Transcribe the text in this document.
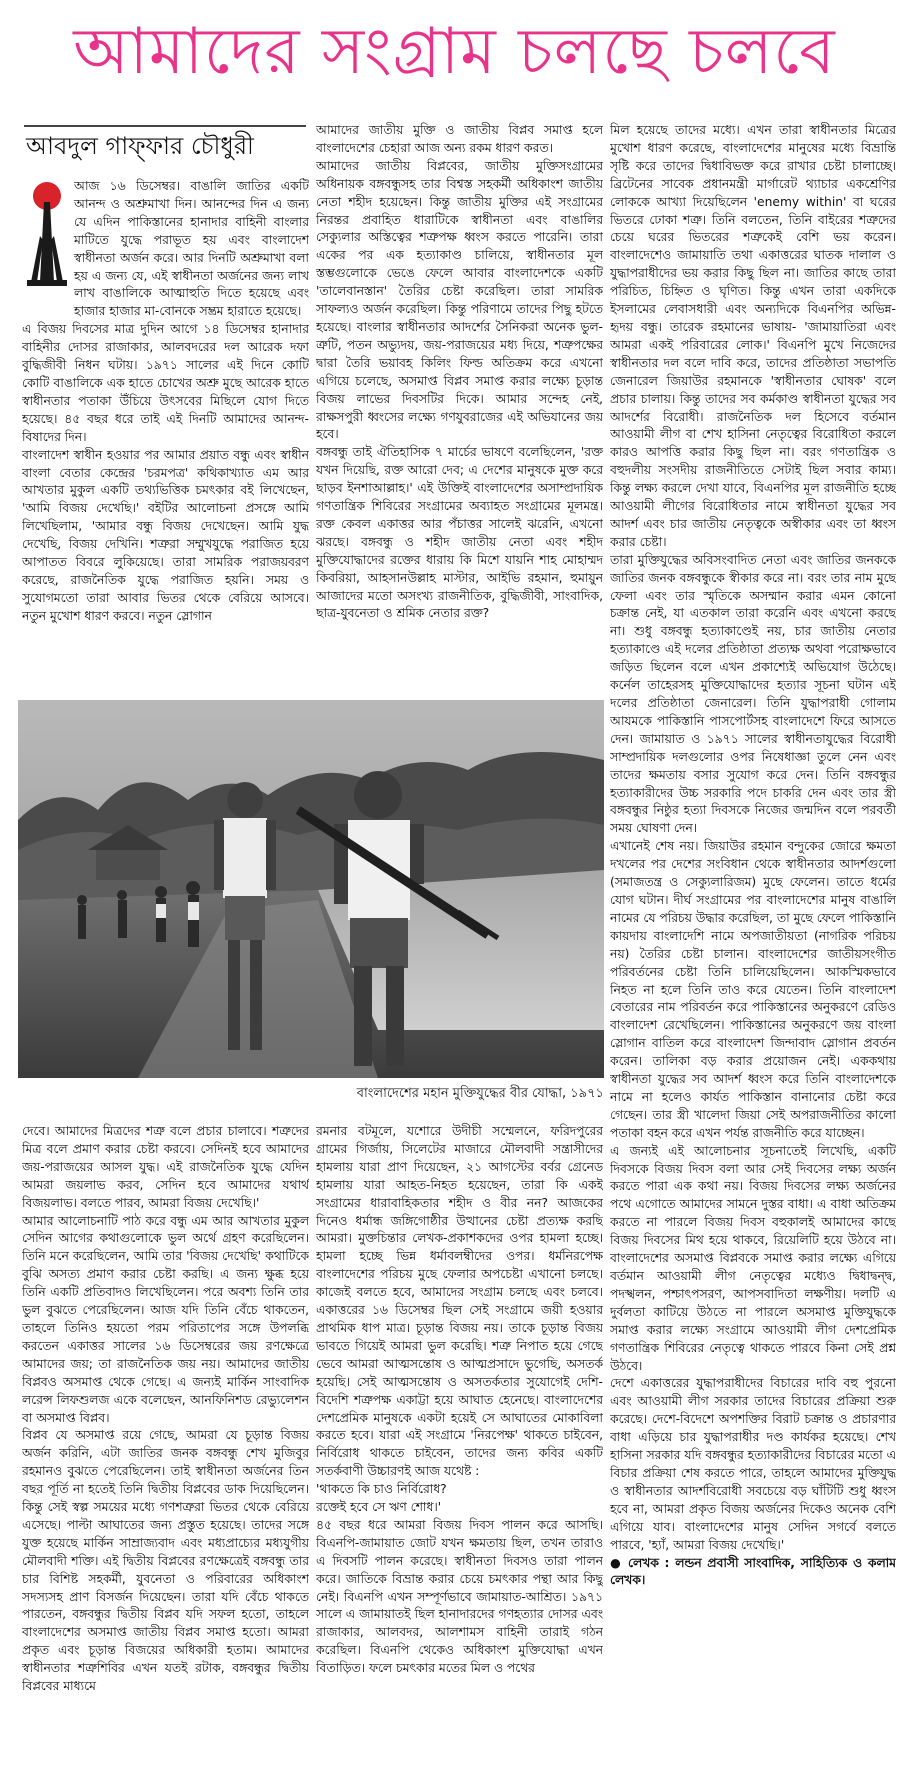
আমাদের সংগ্রাম চলছে চলবে
আবদুল গাফ্‌ফার চৌধুরী

আজ ১৬ ডিসেম্বর। বাঙালি জাতির একটি আনন্দ ও অশ্রুমাখা দিন। আনন্দের দিন এ জন্য যে এদিন পাকিস্তানের হানাদার বাহিনী বাংলার মাটিতে যুদ্ধে পরাভূত হয় এবং বাংলাদেশ স্বাধীনতা অর্জন করে। আর দিনটি অশ্রুমাখা বলা হয় এ জন্য যে, এই স্বাধীনতা অর্জনের জন্য লাখ লাখ বাঙালিকে আত্মাহুতি দিতে হয়েছে এবং হাজার হাজার মা-বোনকে সম্ভ্রম হারাতে হয়েছে।

এ বিজয় দিবসের মাত্র দুদিন আগে ১৪ ডিসেম্বর হানাদার বাহিনীর দোসর রাজাকার, আলবদরের দল আরেক দফা বুদ্ধিজীবী নিধন ঘটায়। ১৯৭১ সালের এই দিনে কোটি কোটি বাঙালিকে এক হাতে চোখের অশ্রু মুছে আরেক হাতে স্বাধীনতার পতাকা উঁচিয়ে উৎসবের মিছিলে যোগ দিতে হয়েছে। ৪৫ বছর ধরে তাই এই দিনটি আমাদের আনন্দ-বিষাদের দিন।

বাংলাদেশ স্বাধীন হওয়ার পর আমার প্রয়াত বন্ধু এবং স্বাধীন বাংলা বেতার কেন্দ্রের 'চরমপত্র' কথিকাখ্যাত এম আর আখতার মুকুল একটি তথ্যভিত্তিক চমৎকার বই লিখেছেন, 'আমি বিজয় দেখেছি।' বইটির আলোচনা প্রসঙ্গে আমি লিখেছিলাম, 'আমার বন্ধু বিজয় দেখেছেন। আমি যুদ্ধ দেখেছি, বিজয় দেখিনি। শত্রুরা সম্মুখযুদ্ধে পরাজিত হয়ে আপাতত বিবরে লুকিয়েছে। তারা সামরিক পরাজয়বরণ করেছে, রাজনৈতিক যুদ্ধে পরাজিত হয়নি। সময় ও সুযোগমতো তারা আবার ভিতর থেকে বেরিয়ে আসবে। নতুন মুখোশ ধারণ করবে। নতুন স্লোগান

আমাদের জাতীয় মুক্তি ও জাতীয় বিপ্লব সমাপ্ত হলে বাংলাদেশের চেহারা আজ অন্য রকম ধারণ করত।

আমাদের জাতীয় বিপ্লবের, জাতীয় মুক্তিসংগ্রামের অধিনায়ক বঙ্গবন্ধুসহ তার বিশ্বস্ত সহকর্মী অধিকাংশ জাতীয় নেতা শহীদ হয়েছেন। কিন্তু জাতীয় মুক্তির এই সংগ্রামের নিরন্তর প্রবাহিত ধারাটিকে স্বাধীনতা এবং বাঙালির সেক্যুলার অস্তিত্বের শত্রুপক্ষ ধ্বংস করতে পারেনি। তারা একের পর এক হত্যাকাণ্ড চালিয়ে, স্বাধীনতার মূল স্তম্ভগুলোকে ভেঙে ফেলে আবার বাংলাদেশকে একটি 'তালেবানস্তান' তৈরির চেষ্টা করেছিল। তারা সামরিক সাফল্যও অর্জন করেছিল। কিন্তু পরিণামে তাদের পিছু হটতে হয়েছে। বাংলার স্বাধীনতার আদর্শের সৈনিকরা অনেক ভুল-ত্রুটি, পতন অভ্যুদয়, জয়-পরাজয়ের মধ্য দিয়ে, শত্রুপক্ষের দ্বারা তৈরি ভয়াবহ কিলিং ফিল্ড অতিক্রম করে এখনো এগিয়ে চলেছে, অসমাপ্ত বিপ্লব সমাপ্ত করার লক্ষ্যে চূড়ান্ত বিজয় লাভের দিবসটির দিকে। আমার সন্দেহ নেই, রাক্ষসপুরী ধ্বংসের লক্ষ্যে গণযুবরাজের এই অভিযানের জয় হবে।

বঙ্গবন্ধু তাই ঐতিহাসিক ৭ মার্চের ভাষণে বলেছিলেন, 'রক্ত যখন দিয়েছি, রক্ত আরো দেব; এ দেশের মানুষকে মুক্ত করে ছাড়ব ইনশাআল্লাহ।' এই উক্তিই বাংলাদেশের অসাম্প্রদায়িক গণতান্ত্রিক শিবিরের সংগ্রামের অব্যাহত সংগ্রামের মূলমন্ত্র। রক্ত কেবল একাত্তর আর পঁচাত্তর সালেই ঝরেনি, এখনো ঝরছে। বঙ্গবন্ধু ও শহীদ জাতীয় নেতা এবং শহীদ মুক্তিযোদ্ধাদের রক্তের ধারায় কি মিশে যায়নি শাহ মোহাম্মদ কিবরিয়া, আহসানউল্লাহ মাস্টার, আইভি রহমান, হুমায়ুন আজাদের মতো অসংখ্য রাজনীতিক, বুদ্ধিজীবী, সাংবাদিক, ছাত্র-যুবনেতা ও শ্রমিক নেতার রক্ত?

মিল হয়েছে তাদের মধ্যে। এখন তারা স্বাধীনতার মিত্রের মুখোশ ধারণ করেছে, বাংলাদেশের মানুষের মধ্যে বিভ্রান্তি সৃষ্টি করে তাদের দ্বিধাবিভক্ত করে রাখার চেষ্টা চালাচ্ছে। ব্রিটেনের সাবেক প্রধানমন্ত্রী মার্গারেট থ্যাচার একশ্রেণির লোককে আখ্যা দিয়েছিলেন 'enemy within' বা ঘরের ভিতরে ঢোকা শত্রু। তিনি বলতেন, তিনি বাইরের শত্রুদের চেয়ে ঘরের ভিতরের শত্রুকেই বেশি ভয় করেন। বাংলাদেশেও জামায়াতি তথা একাত্তরের ঘাতক দালাল ও যুদ্ধাপরাধীদের ভয় করার কিছু ছিল না। জাতির কাছে তারা পরিচিত, চিহ্নিত ও ঘৃণিত। কিন্তু এখন তারা একদিকে ইসলামের লেবাসধারী এবং অন্যদিকে বিএনপির অভিন্ন-হৃদয় বন্ধু। তারেক রহমানের ভাষায়- 'জামায়াতিরা এবং আমরা একই পরিবারের লোক।' বিএনপি মুখে নিজেদের স্বাধীনতার দল বলে দাবি করে, তাদের প্রতিষ্ঠাতা সভাপতি জেনারেল জিয়াউর রহমানকে 'স্বাধীনতার ঘোষক' বলে প্রচার চালায়। কিন্তু তাদের সব কর্মকাণ্ড স্বাধীনতা যুদ্ধের সব আদর্শের বিরোধী। রাজনৈতিক দল হিসেবে বর্তমান আওয়ামী লীগ বা শেখ হাসিনা নেতৃত্বের বিরোধিতা করলে কারও আপত্তি করার কিছু ছিল না। বরং গণতান্ত্রিক ও বহুদলীয় সংসদীয় রাজনীতিতে সেটাই ছিল সবার কাম্য। কিন্তু লক্ষ্য করলে দেখা যাবে, বিএনপির মূল রাজনীতি হচ্ছে আওয়ামী লীগের বিরোধিতার নামে স্বাধীনতা যুদ্ধের সব আদর্শ এবং চার জাতীয় নেতৃত্বকে অস্বীকার এবং তা ধ্বংস করার চেষ্টা।

তারা মুক্তিযুদ্ধের অবিসংবাদিত নেতা এবং জাতির জনককে জাতির জনক বঙ্গবন্ধুকে স্বীকার করে না। বরং তার নাম মুছে ফেলা এবং তার স্মৃতিকে অসম্মান করার এমন কোনো চক্রান্ত নেই, যা এতকাল তারা করেনি এবং এখনো করছে না। শুধু বঙ্গবন্ধু হত্যাকাণ্ডেই নয়, চার জাতীয় নেতার হত্যাকাণ্ডে এই দলের প্রতিষ্ঠাতা প্রত্যক্ষ অথবা পরোক্ষভাবে জড়িত ছিলেন বলে এখন প্রকাশ্যেই অভিযোগ উঠেছে। কর্নেল তাহেরসহ মুক্তিযোদ্ধাদের হত্যার সূচনা ঘটান এই দলের প্রতিষ্ঠাতা জেনারেল। তিনি যুদ্ধাপরাধী গোলাম আযমকে পাকিস্তানি পাসপোর্টসহ বাংলাদেশে ফিরে আসতে দেন। জামায়াত ও ১৯৭১ সালের স্বাধীনতাযুদ্ধের বিরোধী সাম্প্রদায়িক দলগুলোর ওপর নিষেধাজ্ঞা তুলে নেন এবং তাদের ক্ষমতায় বসার সুযোগ করে দেন। তিনি বঙ্গবন্ধুর হত্যাকারীদের উচ্চ সরকারি পদে চাকরি দেন এবং তার স্ত্রী বঙ্গবন্ধুর নিষ্ঠুর হত্যা দিবসকে নিজের জন্মদিন বলে পরবর্তী সময় ঘোষণা দেন।

এখানেই শেষ নয়। জিয়াউর রহমান বন্দুকের জোরে ক্ষমতা দখলের পর দেশের সংবিধান থেকে স্বাধীনতার আদর্শগুলো (সমাজতন্ত্র ও সেক্যুলারিজম) মুছে ফেলেন। তাতে ধর্মের যোগ ঘটান। দীর্ঘ সংগ্রামের পর বাংলাদেশের মানুষ বাঙালি নামের যে পরিচয় উদ্ধার করেছিল, তা মুছে ফেলে পাকিস্তানি কায়দায় বাংলাদেশি নামে অপজাতীয়তা (নাগরিক পরিচয় নয়) তৈরির চেষ্টা চালান। বাংলাদেশের জাতীয়সংগীত পরিবর্তনের চেষ্টা তিনি চালিয়েছিলেন। আকস্মিকভাবে নিহত না হলে তিনি তাও করে যেতেন। তিনি বাংলাদেশ বেতারের নাম পরিবর্তন করে পাকিস্তানের অনুকরণে রেডিও বাংলাদেশ রেখেছিলেন। পাকিস্তানের অনুকরণে জয় বাংলা স্লোগান বাতিল করে বাংলাদেশ জিন্দাবাদ স্লোগান প্রবর্তন করেন। তালিকা বড় করার প্রয়োজন নেই। এককথায় স্বাধীনতা যুদ্ধের সব আদর্শ ধ্বংস করে তিনি বাংলাদেশকে নামে না হলেও কার্যত পাকিস্তান বানানোর চেষ্টা করে গেছেন। তার স্ত্রী খালেদা জিয়া সেই অপরাজনীতির কালো পতাকা বহন করে এখন পর্যন্ত রাজনীতি করে যাচ্ছেন।

এ জন্যই এই আলোচনার সূচনাতেই লিখেছি, একটি দিবসকে বিজয় দিবস বলা আর সেই দিবসের লক্ষ্য অর্জন করতে পারা এক কথা নয়। বিজয় দিবসের লক্ষ্য অর্জনের পথে এগোতে আমাদের সামনে দুস্তর বাধা। এ বাধা অতিক্রম করতে না পারলে বিজয় দিবস বহুকালই আমাদের কাছে বিজয় দিবসের মিথ হয়ে থাকবে, রিয়েলিটি হয়ে উঠবে না। বাংলাদেশের অসমাপ্ত বিপ্লবকে সমাপ্ত করার লক্ষ্যে এগিয়ে বর্তমান আওয়ামী লীগ নেতৃত্বের মধ্যেও দ্বিধাদ্বন্দ্ব, পদস্খলন, পশ্চাৎপসরণ, আপসবাদিতা লক্ষণীয়। দলটি এ দুর্বলতা কাটিয়ে উঠতে না পারলে অসমাপ্ত মুক্তিযুদ্ধকে সমাপ্ত করার লক্ষ্যে সংগ্রামে আওয়ামী লীগ দেশপ্রেমিক গণতান্ত্রিক শিবিরের নেতৃত্বে থাকতে পারবে কিনা সেই প্রশ্ন উঠবে।

দেশে একাত্তরের যুদ্ধাপরাধীদের বিচারের দাবি বহু পুরনো এবং আওয়ামী লীগ সরকার তাদের বিচারের প্রক্রিয়া শুরু করেছে। দেশে-বিদেশে অপশক্তির বিরাট চক্রান্ত ও প্রচারণার বাধা এড়িয়ে চার যুদ্ধাপরাধীর দণ্ড কার্যকর হয়েছে। শেখ হাসিনা সরকার যদি বঙ্গবন্ধুর হত্যাকারীদের বিচারের মতো এ বিচার প্রক্রিয়া শেষ করতে পারে, তাহলে আমাদের মুক্তিযুদ্ধ ও স্বাধীনতার আদর্শবিরোধী সবচেয়ে বড় ঘাঁটিটি শুধু ধ্বংস হবে না, আমরা প্রকৃত বিজয় অর্জনের দিকেও অনেক বেশি এগিয়ে যাব। বাংলাদেশের মানুষ সেদিন সগর্বে বলতে পারবে, 'হ্যাঁ, আমরা বিজয় দেখেছি।'

● লেখক : লন্ডন প্রবাসী সাংবাদিক, সাহিত্যিক ও কলাম লেখক।

বাংলাদেশের মহান মুক্তিযুদ্ধের বীর যোদ্ধা, ১৯৭১

দেবে। আমাদের মিত্রদের শত্রু বলে প্রচার চালাবে। শত্রুদের মিত্র বলে প্রমাণ করার চেষ্টা করবে। সেদিনই হবে আমাদের জয়-পরাজয়ের আসল যুদ্ধ। এই রাজনৈতিক যুদ্ধে যেদিন আমরা জয়লাভ করব, সেদিন হবে আমাদের যথার্থ বিজয়লাভ। বলতে পারব, আমরা বিজয় দেখেছি।'

আমার আলোচনাটি পাঠ করে বন্ধু এম আর আখতার মুকুল সেদিন আগের কথাগুলোকে ভুল অর্থে গ্রহণ করেছিলেন। তিনি মনে করেছিলেন, আমি তার 'বিজয় দেখেছি' কথাটিকে বুঝি অসত্য প্রমাণ করার চেষ্টা করছি। এ জন্য ক্ষুব্ধ হয়ে তিনি একটি প্রতিবাদও লিখেছিলেন। পরে অবশ্য তিনি তার ভুল বুঝতে পেরেছিলেন। আজ যদি তিনি বেঁচে থাকতেন, তাহলে তিনিও হয়তো পরম পরিতাপের সঙ্গে উপলব্ধি করতেন একাত্তর সালের ১৬ ডিসেম্বরের জয় রণক্ষেত্রে আমাদের জয়; তা রাজনৈতিক জয় নয়। আমাদের জাতীয় বিপ্লবও অসমাপ্ত থেকে গেছে। এ জন্যই মার্কিন সাংবাদিক লরেন্স লিফশুলজ একে বলেছেন, আনফিনিশড রেভ্যুলেশন বা অসমাপ্ত বিপ্লব।

বিপ্লব যে অসমাপ্ত রয়ে গেছে, আমরা যে চূড়ান্ত বিজয় অর্জন করিনি, এটা জাতির জনক বঙ্গবন্ধু শেখ মুজিবুর রহমানও বুঝতে পেরেছিলেন। তাই স্বাধীনতা অর্জনের তিন বছর পূর্তি না হতেই তিনি দ্বিতীয় বিপ্লবের ডাক দিয়েছিলেন। কিন্তু সেই স্বল্প সময়ের মধ্যে গণশত্রুরা ভিতর থেকে বেরিয়ে এসেছে। পাল্টা আঘাতের জন্য প্রস্তুত হয়েছে। তাদের সঙ্গে যুক্ত হয়েছে মার্কিন সাম্রাজ্যবাদ এবং মধ্যপ্রাচ্যের মধ্যযুগীয় মৌলবাদী শক্তি। এই দ্বিতীয় বিপ্লবের রণক্ষেত্রেই বঙ্গবন্ধু তার চার বিশিষ্ট সহকর্মী, যুবনেতা ও পরিবারের অধিকাংশ সদস্যসহ প্রাণ বিসর্জন দিয়েছেন। তারা যদি বেঁচে থাকতে পারতেন, বঙ্গবন্ধুর দ্বিতীয় বিপ্লব যদি সফল হতো, তাহলে বাংলাদেশের অসমাপ্ত জাতীয় বিপ্লব সমাপ্ত হতো। আমরা প্রকৃত এবং চূড়ান্ত বিজয়ের অধিকারী হতাম। আমাদের স্বাধীনতার শত্রুশিবির এখন যতই রটাক, বঙ্গবন্ধুর দ্বিতীয় বিপ্লবের মাধ্যমে

রমনার বটমূলে, যশোরে উদীচী সম্মেলনে, ফরিদপুরের গ্রামের গির্জায়, সিলেটের মাজারে মৌলবাদী সন্ত্রাসীদের হামলায় যারা প্রাণ দিয়েছেন, ২১ আগস্টের বর্বর গ্রেনেড হামলায় যারা আহত-নিহত হয়েছেন, তারা কি একই সংগ্রামের ধারাবাহিকতার শহীদ ও বীর নন? আজকের দিনেও ধর্মান্ধ জঙ্গিগোষ্ঠীর উত্থানের চেষ্টা প্রত্যক্ষ করছি আমরা। মুক্তচিন্তার লেখক-প্রকাশকদের ওপর হামলা হচ্ছে। হামলা হচ্ছে ভিন্ন ধর্মাবলম্বীদের ওপর। ধর্মনিরপেক্ষ বাংলাদেশের পরিচয় মুছে ফেলার অপচেষ্টা এখানো চলছে। কাজেই বলতে হবে, আমাদের সংগ্রাম চলছে এবং চলবে। একাত্তরের ১৬ ডিসেম্বর ছিল সেই সংগ্রামে জয়ী হওয়ার প্রাথমিক ধাপ মাত্র। চূড়ান্ত বিজয় নয়। তাকে চূড়ান্ত বিজয় ভাবতে গিয়েই আমরা ভুল করেছি। শত্রু নিপাত হয়ে গেছে ভেবে আমরা আত্মসন্তোষ ও আত্মপ্রসাদে ভুগেছি, অসতর্ক হয়েছি। সেই আত্মসন্তোষ ও অসতর্কতার সুযোগেই দেশি-বিদেশি শত্রুপক্ষ একাট্টা হয়ে আঘাত হেনেছে। বাংলাদেশের দেশপ্রেমিক মানুষকে একটা হয়েই সে আঘাতের মোকাবিলা করতে হবে। যারা এই সংগ্রামে 'নিরপেক্ষ' থাকতে চাইবেন, নির্বিরোধ থাকতে চাইবেন, তাদের জন্য কবির একটি সতর্কবাণী উচ্চারণই আজ যথেষ্ট :

'থাকতে কি চাও নির্বিরোধ?

রক্তেই হবে সে ঋণ শোধ।'

৪৫ বছর ধরে আমরা বিজয় দিবস পালন করে আসছি। বিএনপি-জামায়াত জোট যখন ক্ষমতায় ছিল, তখন তারাও এ দিবসটি পালন করেছে। স্বাধীনতা দিবসও তারা পালন করে। জাতিকে বিভ্রান্ত করার চেয়ে চমৎকার পন্থা আর কিছু নেই। বিএনপি এখন সম্পূর্ণভাবে জামায়াত-আশ্রিত। ১৯৭১ সালে এ জামায়াতই ছিল হানাদারদের গণহত্যার দোসর এবং রাজাকার, আলবদর, আলশামস বাহিনী তারাই গঠন করেছিল। বিএনপি থেকেও অধিকাংশ মুক্তিযোদ্ধা এখন বিতাড়িত। ফলে চমৎকার মতের মিল ও পথের
